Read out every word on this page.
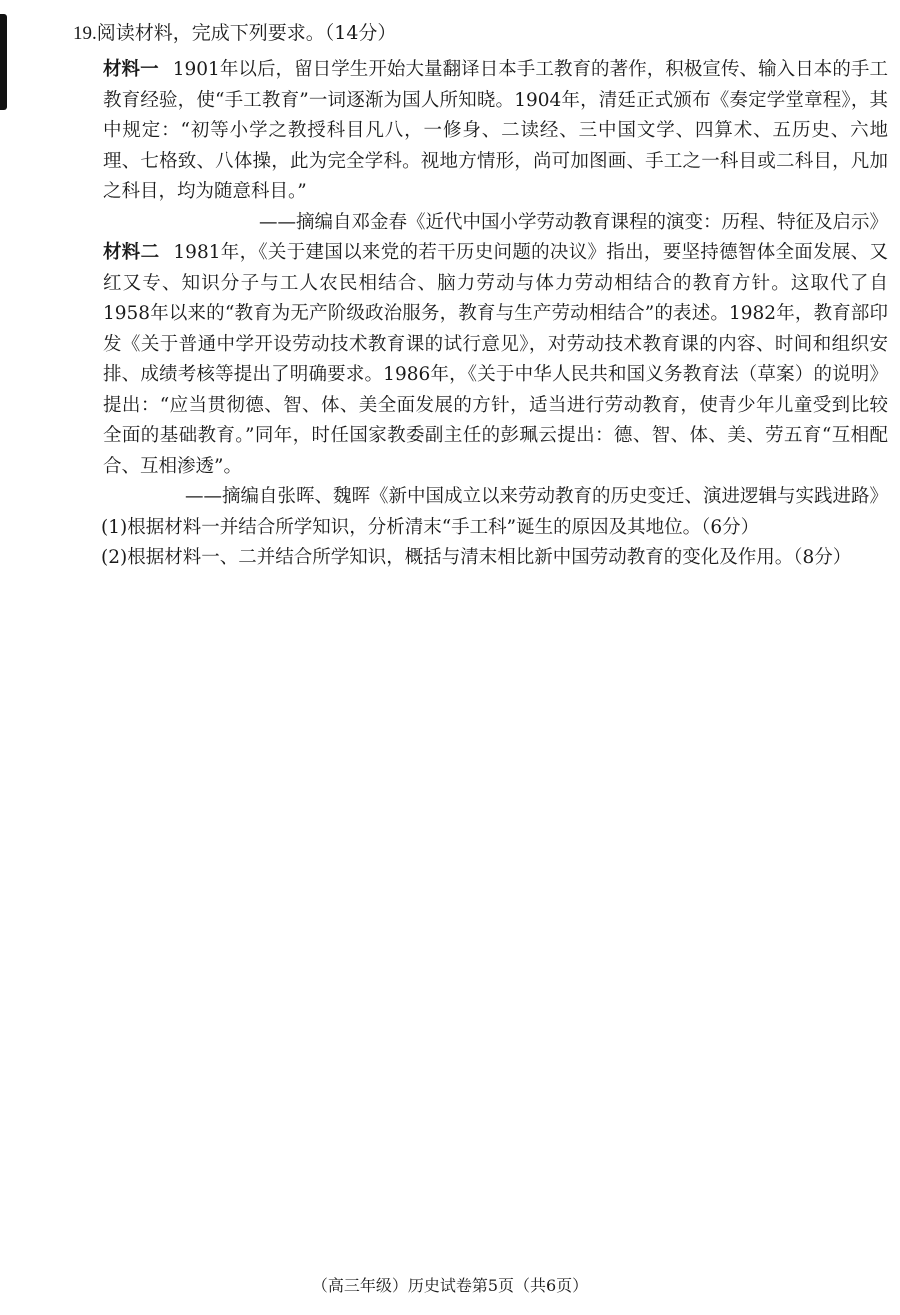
19.阅读材料，完成下列要求。（14分）

材料一 1901年以后，留日学生开始大量翻译日本手工教育的著作，积极宣传、输入日本的手工教育经验，使“手工教育”一词逐渐为国人所知晓。1904年，清廷正式颁布《奏定学堂章程》，其中规定：“初等小学之教授科目凡八，一修身、二读经、三中国文学、四算术、五历史、六地理、七格致、八体操，此为完全学科。视地方情形，尚可加图画、手工之一科目或二科目，凡加之科目，均为随意科目。”

——摘编自邓金春《近代中国小学劳动教育课程的演变：历程、特征及启示》

材料二 1981年，《关于建国以来党的若干历史问题的决议》指出，要坚持德智体全面发展、又红又专、知识分子与工人农民相结合、脑力劳动与体力劳动相结合的教育方针。这取代了自1958年以来的“教育为无产阶级政治服务，教育与生产劳动相结合”的表述。1982年，教育部印发《关于普通中学开设劳动技术教育课的试行意见》，对劳动技术教育课的内容、时间和组织安排、成绩考核等提出了明确要求。1986年，《关于中华人民共和国义务教育法（草案）的说明》提出：“应当贯彻德、智、体、美全面发展的方针，适当进行劳动教育，使青少年儿童受到比较全面的基础教育。”同年，时任国家教委副主任的彭珮云提出：德、智、体、美、劳五育“互相配合、互相渗透”。

——摘编自张晖、魏晖《新中国成立以来劳动教育的历史变迁、演进逻辑与实践进路》

(1)根据材料一并结合所学知识，分析清末“手工科”诞生的原因及其地位。（6分）

(2)根据材料一、二并结合所学知识，概括与清末相比新中国劳动教育的变化及作用。（8分）

（高三年级）历史试卷第5页（共6页）
